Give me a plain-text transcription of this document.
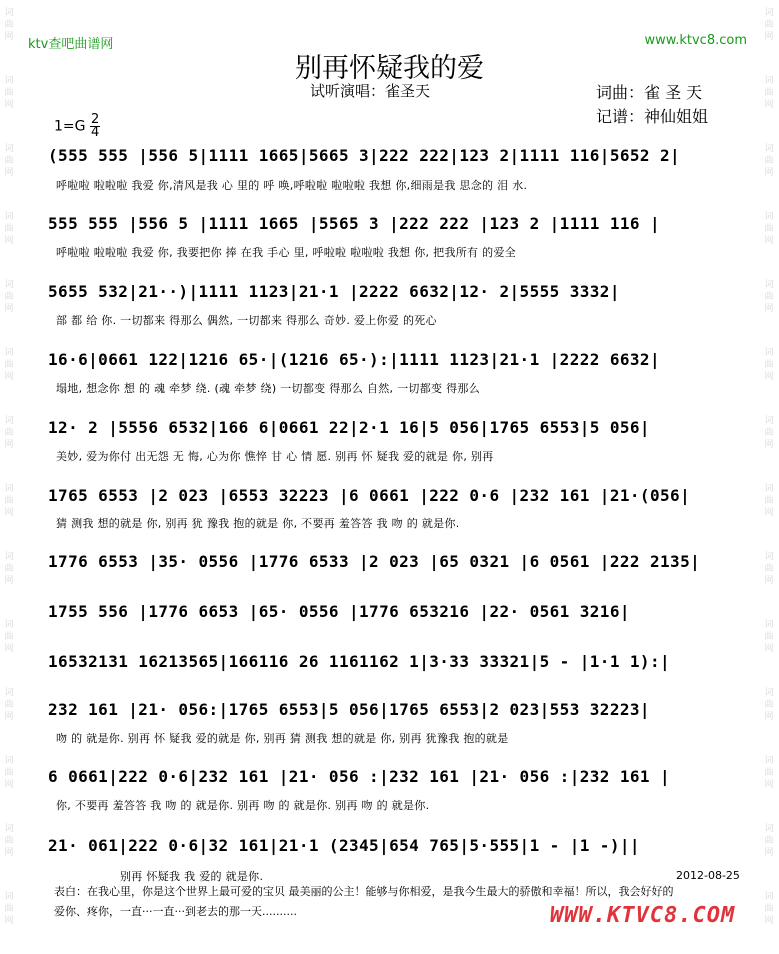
词
曲
网
词
曲
网
词
曲
网
词
曲
网
词
曲
网
词
曲
网
词
曲
网
词
曲
网
词
曲
网
词
曲
网
词
曲
网
词
曲
网
词
曲
网
词
曲
网
词
曲
网
词
曲
网
词
曲
网
词
曲
网
词
曲
网
词
曲
网
词
曲
网
词
曲
网
词
曲
网
词
曲
网
词
曲
网
词
曲
网
词
曲
网
词
曲
网
ktv查吧曲谱网	www.ktvc8.com
别再怀疑我的爱
试听演唱：雀圣天	词曲：雀 圣 天
记谱：神仙姐姐
$1=G \frac{2}{4}$
(555 555 |556 5|1111 1665|5665 3|222 222|123 2|1111 116|5652 2|
呼啦啦 啦啦啦 我爱 你,清风是我 心 里的 呼 唤,呼啦啦 啦啦啦 我想 你,细雨是我 思念的 泪 水.
555 555 |556 5 |1111 1665 |5565 3 |222 222 |123 2 |1111 116 |
呼啦啦 啦啦啦 我爱 你, 我要把你 捧 在我 手心 里, 呼啦啦 啦啦啦 我想 你, 把我所有 的爱全
5655 532|21··)|1111 1123|21·1 |2222 6632|12· 2|5555 3332|
部 都 给 你. 一切都来 得那么 偶然, 一切都来 得那么 奇妙. 爱上你爱 的死心
16·6|0661 122|1216 65·|(1216 65·):|1111 1123|21·1 |2222 6632|
塌地, 想念你 想 的 魂 牵梦 绕. (魂 牵梦 绕) 一切都变 得那么 自然, 一切都变 得那么
12· 2 |5556 6532|166 6|0661 22|2·1 16|5 056|1765 6553|5 056|
美妙, 爱为你付 出无怨 无 悔, 心为你 憔悴 甘 心 情 愿. 别再 怀 疑我 爱的就是 你, 别再
1765 6553 |2 023 |6553 32223 |6 0661 |222 0·6 |232 161 |21·(056|
猜 测我 想的就是 你, 别再 犹 豫我 抱的就是 你, 不要再 羞答答 我 吻 的 就是你.
1776 6553 |35· 0556 |1776 6533 |2 023 |65 0321 |6 0561 |222 2135|
1755 556 |1776 6653 |65· 0556 |1776 653216 |22· 0561 3216|
16532131 16213565|166116 26 1161162 1|3·33 33321|5 - |1·1 1):|
232 161 |21· 056:|1765 6553|5 056|1765 6553|2 023|553 32223|
吻 的 就是你. 别再 怀 疑我 爱的就是 你, 别再 猜 测我 想的就是 你, 别再 犹豫我 抱的就是
6 0661|222 0·6|232 161 |21· 056 :|232 161 |21· 056 :|232 161 |
你, 不要再 羞答答 我 吻 的 就是你. 别再 吻 的 就是你. 别再 吻 的 就是你.
21· 061|222 0·6|32 161|21·1 (2345|654 765|5·555|1 - |1 -)||
别再 怀疑我 我 爱的 就是你.	2012-08-25
表白：在我心里，你是这个世界上最可爱的宝贝 最美丽的公主！能够与你相爱，是我今生最大的骄傲和幸福！所以，我会好好的
爱你、疼你，一直···一直···到老去的那一天..........	WWW.KTVC8.COM
